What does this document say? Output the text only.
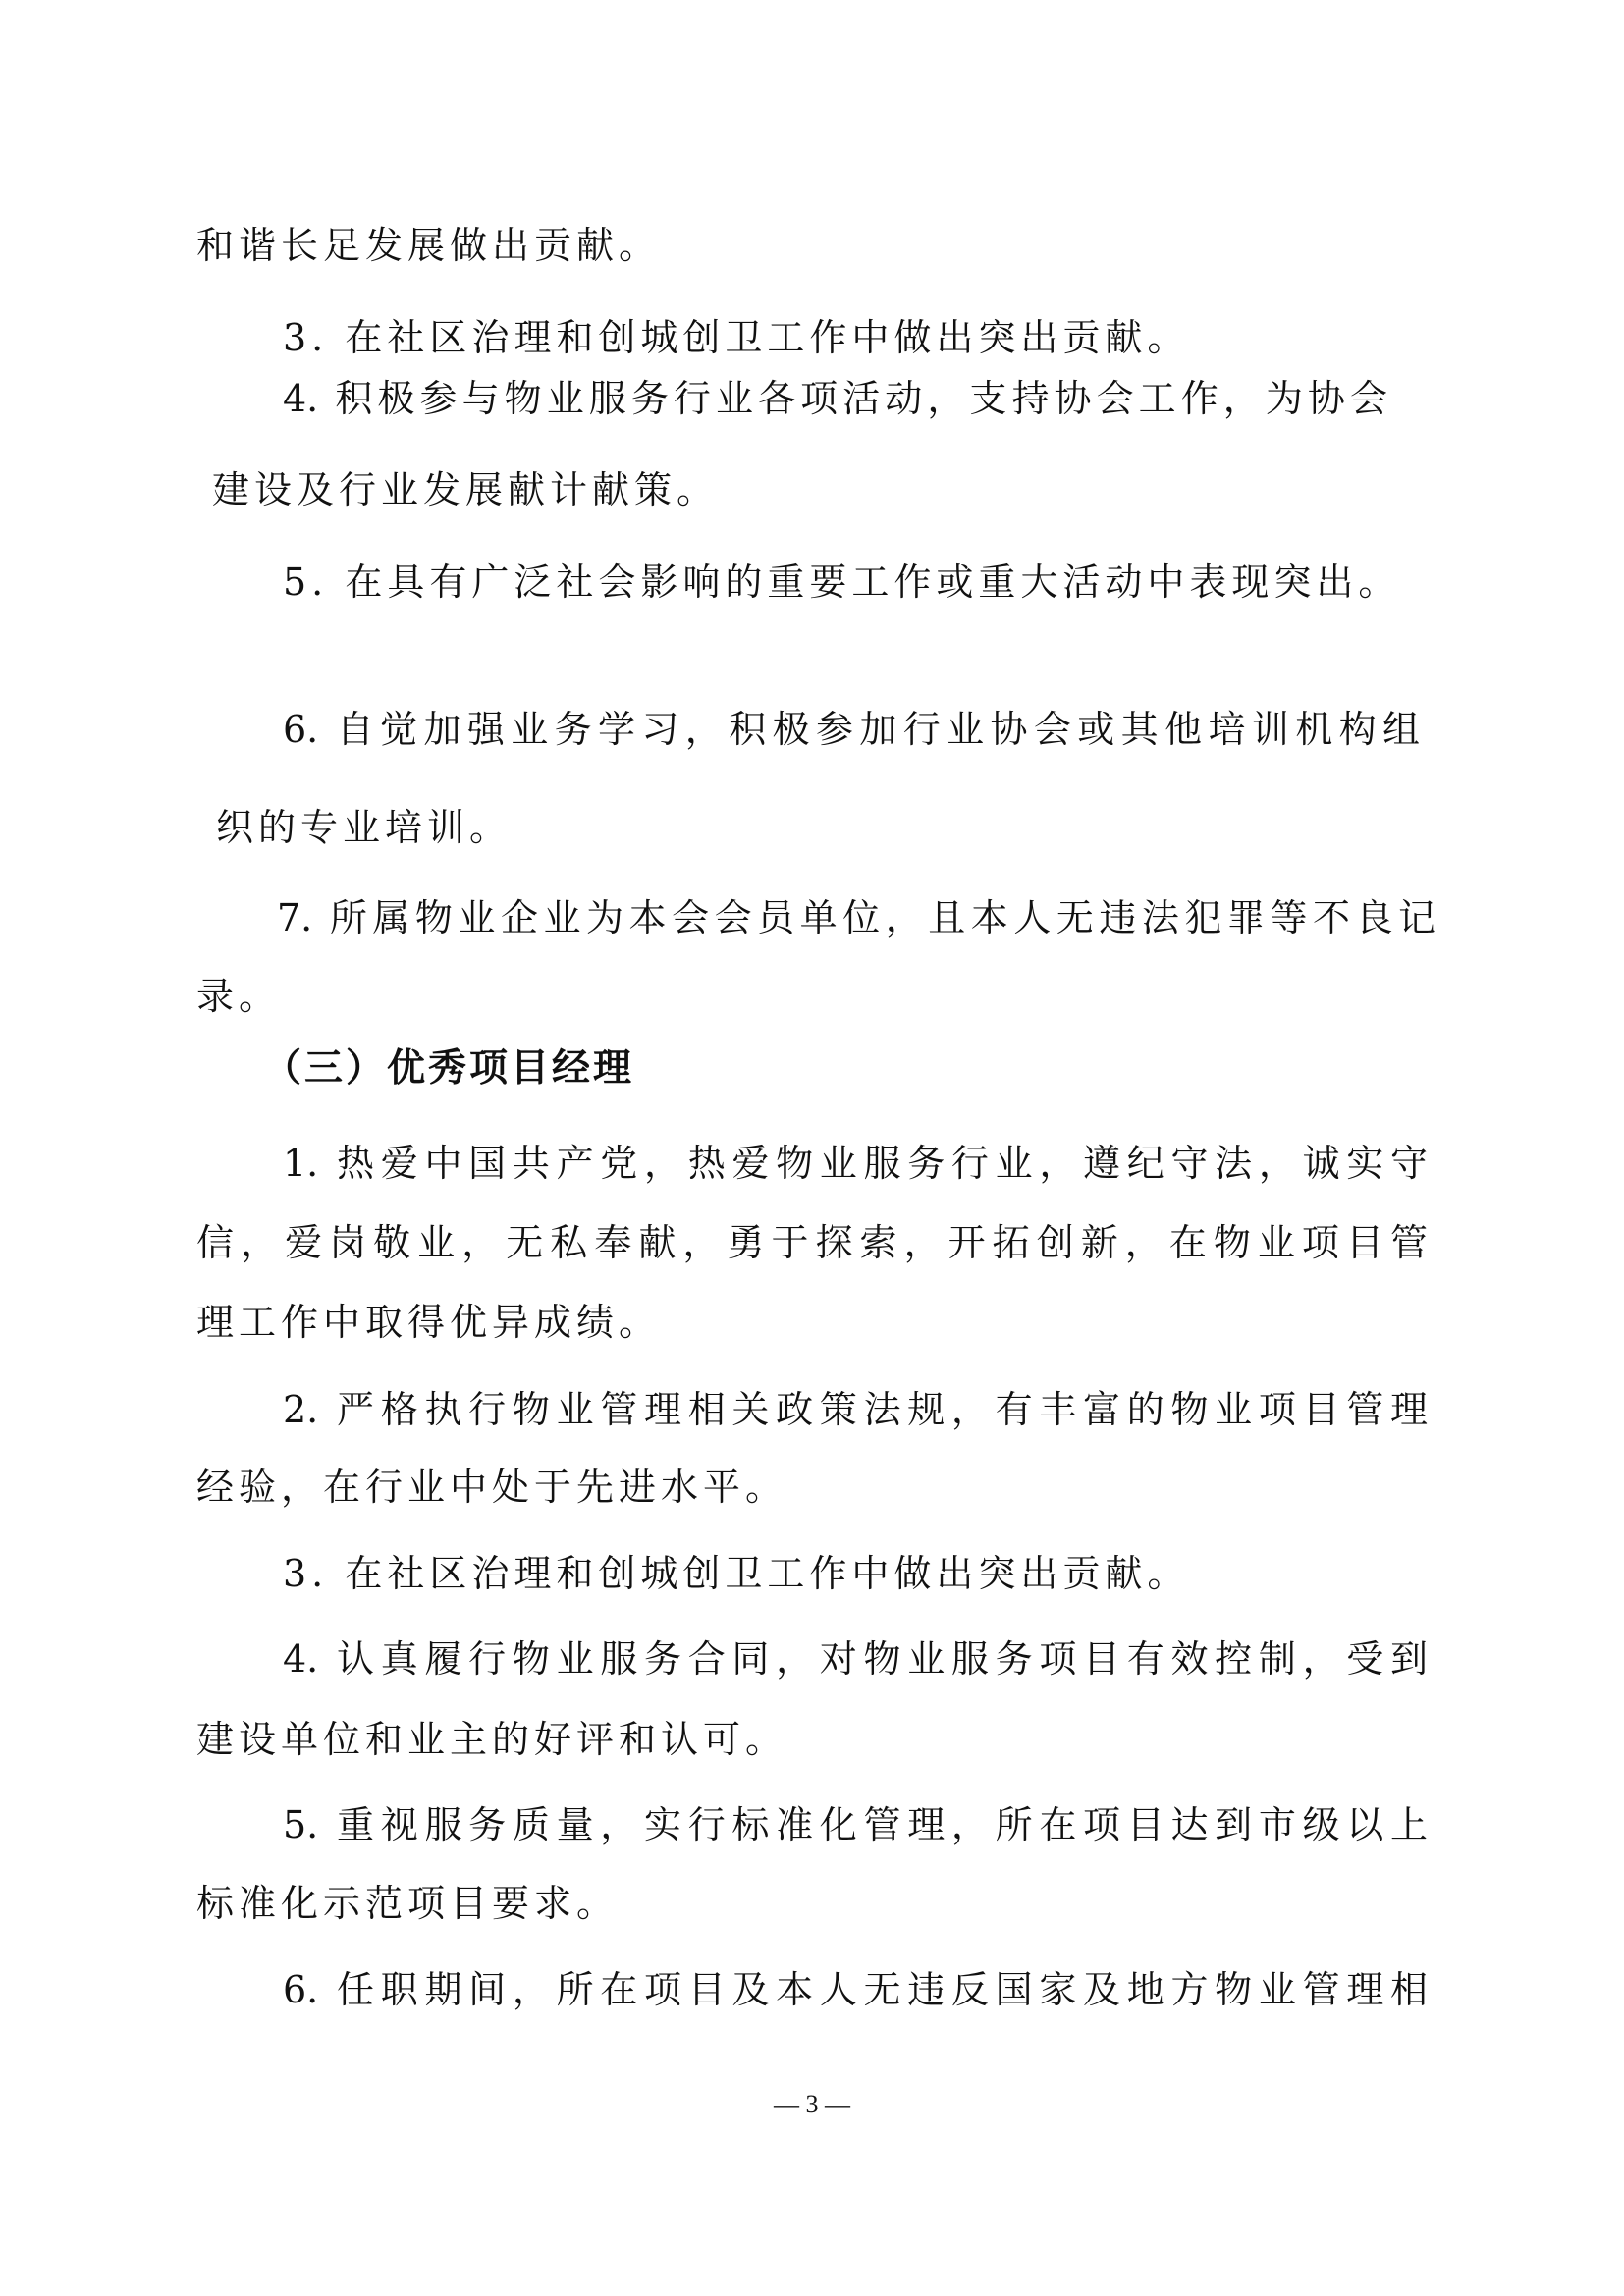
和谐长足发展做出贡献。
3. 在社区治理和创城创卫工作中做出突出贡献。
4. 积极参与物业服务行业各项活动，支持协会工作，为协会
建设及行业发展献计献策。
5. 在具有广泛社会影响的重要工作或重大活动中表现突出。
6. 自觉加强业务学习，积极参加行业协会或其他培训机构组
织的专业培训。
7. 所属物业企业为本会会员单位，且本人无违法犯罪等不良记
录。
（三）优秀项目经理
1. 热爱中国共产党，热爱物业服务行业，遵纪守法，诚实守
信，爱岗敬业，无私奉献，勇于探索，开拓创新，在物业项目管
理工作中取得优异成绩。
2. 严格执行物业管理相关政策法规，有丰富的物业项目管理
经验，在行业中处于先进水平。
3. 在社区治理和创城创卫工作中做出突出贡献。
4. 认真履行物业服务合同，对物业服务项目有效控制，受到
建设单位和业主的好评和认可。
5. 重视服务质量，实行标准化管理，所在项目达到市级以上
标准化示范项目要求。
6. 任职期间，所在项目及本人无违反国家及地方物业管理相
— 3 —
